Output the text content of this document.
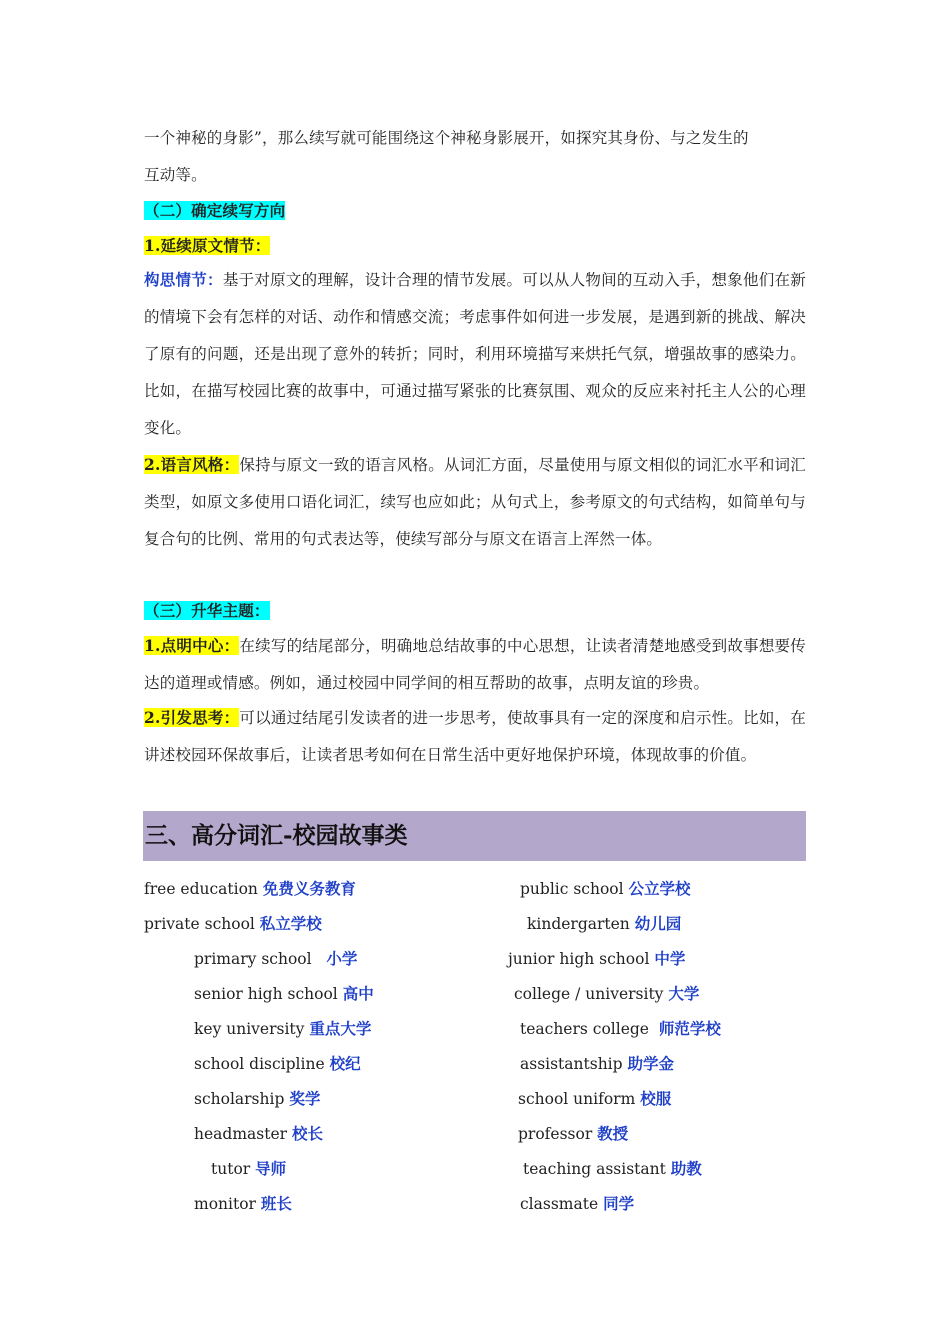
一个神秘的身影”，那么续写就可能围绕这个神秘身影展开，如探究其身份、与之发生的
互动等。

（二）确定续写方向

1.延续原文情节：

构思情节：基于对原文的理解，设计合理的情节发展。可以从人物间的互动入手，想象他们在新的情境下会有怎样的对话、动作和情感交流；考虑事件如何进一步发展，是遇到新的挑战、解决了原有的问题，还是出现了意外的转折；同时，利用环境描写来烘托气氛，增强故事的感染力。比如，在描写校园比赛的故事中，可通过描写紧张的比赛氛围、观众的反应来衬托主人公的心理变化。

2.语言风格：保持与原文一致的语言风格。从词汇方面，尽量使用与原文相似的词汇水平和词汇类型，如原文多使用口语化词汇，续写也应如此；从句式上，参考原文的句式结构，如简单句与复合句的比例、常用的句式表达等，使续写部分与原文在语言上浑然一体。

（三）升华主题：

1.点明中心：在续写的结尾部分，明确地总结故事的中心思想，让读者清楚地感受到故事想要传达的道理或情感。例如，通过校园中同学间的相互帮助的故事，点明友谊的珍贵。

2.引发思考：可以通过结尾引发读者的进一步思考，使故事具有一定的深度和启示性。比如，在讲述校园环保故事后，让读者思考如何在日常生活中更好地保护环境，体现故事的价值。

三、高分词汇-校园故事类
free education 免费义务教育	public school 公立学校
private school 私立学校	kindergarten 幼儿园
primary school   小学	junior high school 中学
senior high school 高中	college / university 大学
key university 重点大学	teachers college  师范学校
school discipline 校纪	assistantship 助学金
scholarship 奖学	school uniform 校服
headmaster 校长	professor 教授
tutor 导师	teaching assistant 助教
monitor 班长	classmate 同学
